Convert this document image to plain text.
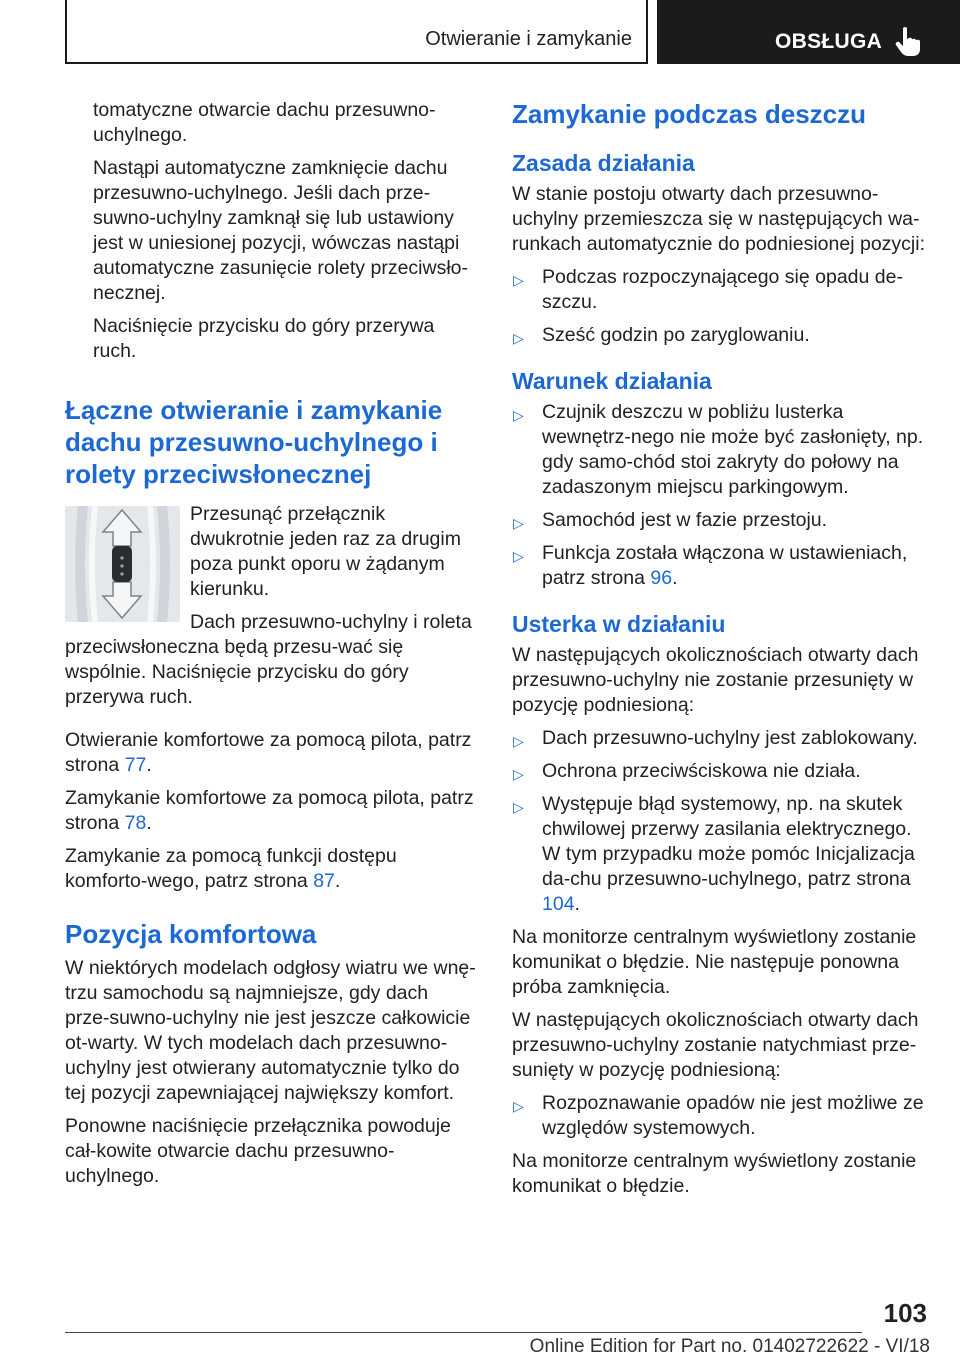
Otwieranie i zamykanie	OBSŁUGA

tomatyczne otwarcie dachu przesuwno-uchylnego.

Nastąpi automatyczne zamknięcie dachu przesuwno-uchylnego. Jeśli dach prze-suwno-uchylny zamknął się lub ustawiony jest w uniesionej pozycji, wówczas nastąpi automatyczne zasunięcie rolety przeciwsło-necznej.

Naciśnięcie przycisku do góry przerywa ruch.

Łączne otwieranie i zamykanie dachu przesuwno-uchylnego i rolety przeciwsłonecznej

Przesunąć przełącznik dwukrotnie jeden raz za drugim poza punkt oporu w żądanym kierunku.

Dach przesuwno-uchylny i roleta przeciwsłoneczna będą przesu-wać się wspólnie. Naciśnięcie przycisku do góry przerywa ruch.

Otwieranie komfortowe za pomocą pilota, patrz strona 77.

Zamykanie komfortowe za pomocą pilota, patrz strona 78.

Zamykanie za pomocą funkcji dostępu komforto-wego, patrz strona 87.

Pozycja komfortowa

W niektórych modelach odgłosy wiatru we wnę-trzu samochodu są najmniejsze, gdy dach prze-suwno-uchylny nie jest jeszcze całkowicie ot-warty. W tych modelach dach przesuwno-uchylny jest otwierany automatycznie tylko do tej pozycji zapewniającej największy komfort.

Ponowne naciśnięcie przełącznika powoduje cał-kowite otwarcie dachu przesuwno-uchylnego.

Zamykanie podczas deszczu
Zasada działania

W stanie postoju otwarty dach przesuwno-uchylny przemieszcza się w następujących wa-runkach automatycznie do podniesionej pozycji:

▷ Podczas rozpoczynającego się opadu de-szczu.
▷ Sześć godzin po zaryglowaniu.
Warunek działania
▷ Czujnik deszczu w pobliżu lusterka wewnętrz-nego nie może być zasłonięty, np. gdy samo-chód stoi zakryty do połowy na zadaszonym miejscu parkingowym.
▷ Samochód jest w fazie przestoju.
▷ Funkcja została włączona w ustawieniach, patrz strona 96.
Usterka w działaniu

W następujących okolicznościach otwarty dach przesuwno-uchylny nie zostanie przesunięty w pozycję podniesioną:

▷ Dach przesuwno-uchylny jest zablokowany.
▷ Ochrona przeciwściskowa nie działa.
▷ Występuje błąd systemowy, np. na skutek chwilowej przerwy zasilania elektrycznego. W tym przypadku może pomóc Inicjalizacja da-chu przesuwno-uchylnego, patrz strona 104.

Na monitorze centralnym wyświetlony zostanie komunikat o błędzie. Nie następuje ponowna próba zamknięcia.

W następujących okolicznościach otwarty dach przesuwno-uchylny zostanie natychmiast prze-sunięty w pozycję podniesioną:

▷ Rozpoznawanie opadów nie jest możliwe ze względów systemowych.

Na monitorze centralnym wyświetlony zostanie komunikat o błędzie.

103
Online Edition for Part no. 01402722622 - VI/18
